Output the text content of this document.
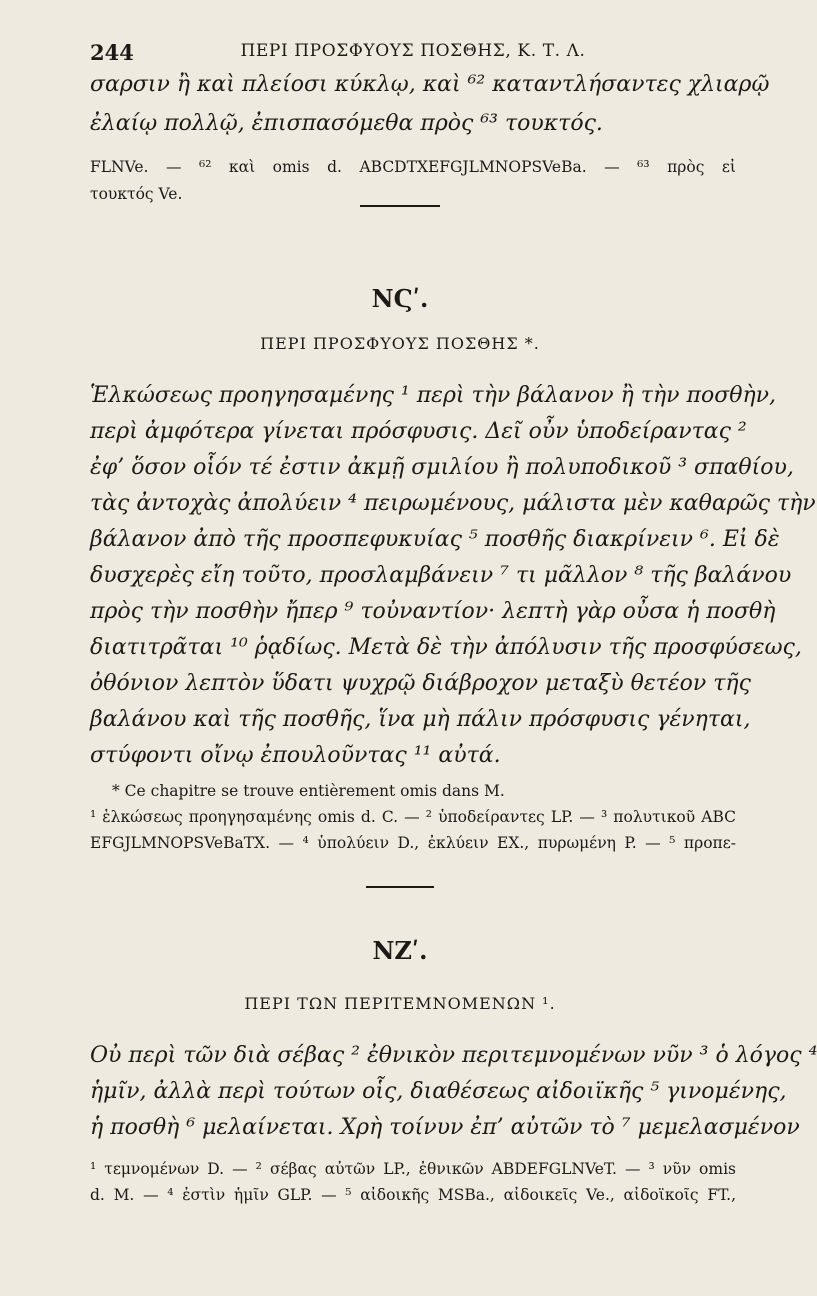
244	ΠΕΡΙ ΠΡΟΣΦΥΟΥΣ ΠΟΣΘΗΣ, Κ. Τ. Λ.
σαρσιν ἢ καὶ πλείοσι κύκλῳ, καὶ ⁶² καταντλήσαντες χλιαρῷ
ἐλαίῳ πολλῷ, ἐπισπασόμεθα πρὸς ⁶³ τουκτός.
FLNVe. — ⁶² καὶ omis d. ABCDTXEFGJLMNOPSVeBa. — ⁶³ πρὸς εἰ
τουκτός Ve.
ΝϚʹ.
ΠΕΡΙ ΠΡΟΣΦΥΟΥΣ ΠΟΣΘΗΣ *.
Ἑλκώσεως προηγησαμένης ¹ περὶ τὴν βάλανον ἢ τὴν ποσθὴν,
περὶ ἀμφότερα γίνεται πρόσφυσις. Δεῖ οὖν ὑποδείραντας ²
ἐφ’ ὅσον οἷόν τέ ἐστιν ἀκμῇ σμιλίου ἢ πολυποδικοῦ ³ σπαθίου,
τὰς ἀντοχὰς ἀπολύειν ⁴ πειρωμένους, μάλιστα μὲν καθαρῶς τὴν
βάλανον ἀπὸ τῆς προσπεφυκυίας ⁵ ποσθῆς διακρίνειν ⁶. Εἰ δὲ
δυσχερὲς εἴη τοῦτο, προσλαμβάνειν ⁷ τι μᾶλλον ⁸ τῆς βαλάνου
πρὸς τὴν ποσθὴν ἤπερ ⁹ τοὐναντίον· λεπτὴ γὰρ οὖσα ἡ ποσθὴ
διατιτρᾶται ¹⁰ ῥᾳδίως. Μετὰ δὲ τὴν ἀπόλυσιν τῆς προσφύσεως,
ὀθόνιον λεπτὸν ὕδατι ψυχρῷ διάβροχον μεταξὺ θετέον τῆς
βαλάνου καὶ τῆς ποσθῆς, ἵνα μὴ πάλιν πρόσφυσις γένηται,
στύφοντι οἴνῳ ἐπουλοῦντας ¹¹ αὐτά.
* Ce chapitre se trouve entièrement omis dans M.
¹ ἑλκώσεως προηγησαμένης omis d. C. — ² ὑποδείραντες LP. — ³ πολυτικοῦ ABC
EFGJLMNOPSVeBaTX. — ⁴ ὑπολύειν D., ἐκλύειν EX., πυρωμένη P. — ⁵ προπε-
ΝΖʹ.
ΠΕΡΙ ΤΩΝ ΠΕΡΙΤΕΜΝΟΜΕΝΩΝ ¹.
Οὐ περὶ τῶν διὰ σέβας ² ἐθνικὸν περιτεμνομένων νῦν ³ ὁ λόγος ⁴
ἡμῖν, ἀλλὰ περὶ τούτων οἷς, διαθέσεως αἰδοιϊκῆς ⁵ γινομένης,
ἡ ποσθὴ ⁶ μελαίνεται. Χρὴ τοίνυν ἐπ’ αὐτῶν τὸ ⁷ μεμελασμένον
¹ τεμνομένων D. — ² σέβας αὐτῶν LP., ἐθνικῶν ABDEFGLNVeT. — ³ νῦν omis
d. M. — ⁴ ἐστὶν ἡμῖν GLP. — ⁵ αἰδοικῆς MSBa., αἰδοικεῖς Ve., αἰδοϊκοῖς FT.,
